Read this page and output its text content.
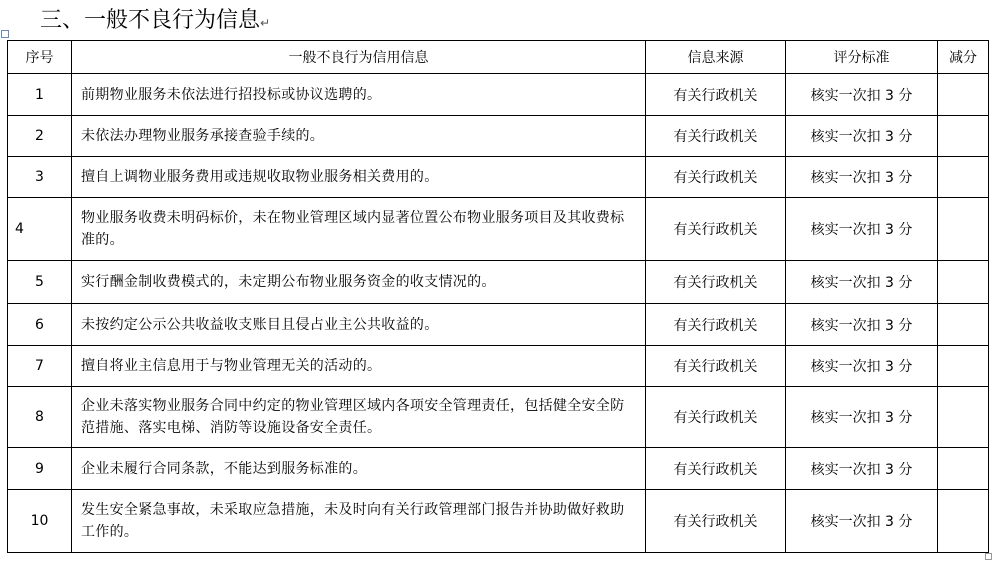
三、一般不良行为信息↵
序号	一般不良行为信用信息	信息来源	评分标准	减分
1	前期物业服务未依法进行招投标或协议选聘的。	有关行政机关	核实一次扣 3 分	
2	未依法办理物业服务承接查验手续的。	有关行政机关	核实一次扣 3 分	
3	擅自上调物业服务费用或违规收取物业服务相关费用的。	有关行政机关	核实一次扣 3 分	
4	物业服务收费未明码标价，未在物业管理区域内显著位置公布物业服务项目及其收费标准的。	有关行政机关	核实一次扣 3 分	
5	实行酬金制收费模式的，未定期公布物业服务资金的收支情况的。	有关行政机关	核实一次扣 3 分	
6	未按约定公示公共收益收支账目且侵占业主公共收益的。	有关行政机关	核实一次扣 3 分	
7	擅自将业主信息用于与物业管理无关的活动的。	有关行政机关	核实一次扣 3 分	
8	企业未落实物业服务合同中约定的物业管理区域内各项安全管理责任，包括健全安全防范措施、落实电梯、消防等设施设备安全责任。	有关行政机关	核实一次扣 3 分	
9	企业未履行合同条款，不能达到服务标准的。	有关行政机关	核实一次扣 3 分	
10	发生安全紧急事故，未采取应急措施，未及时向有关行政管理部门报告并协助做好救助工作的。	有关行政机关	核实一次扣 3 分	
